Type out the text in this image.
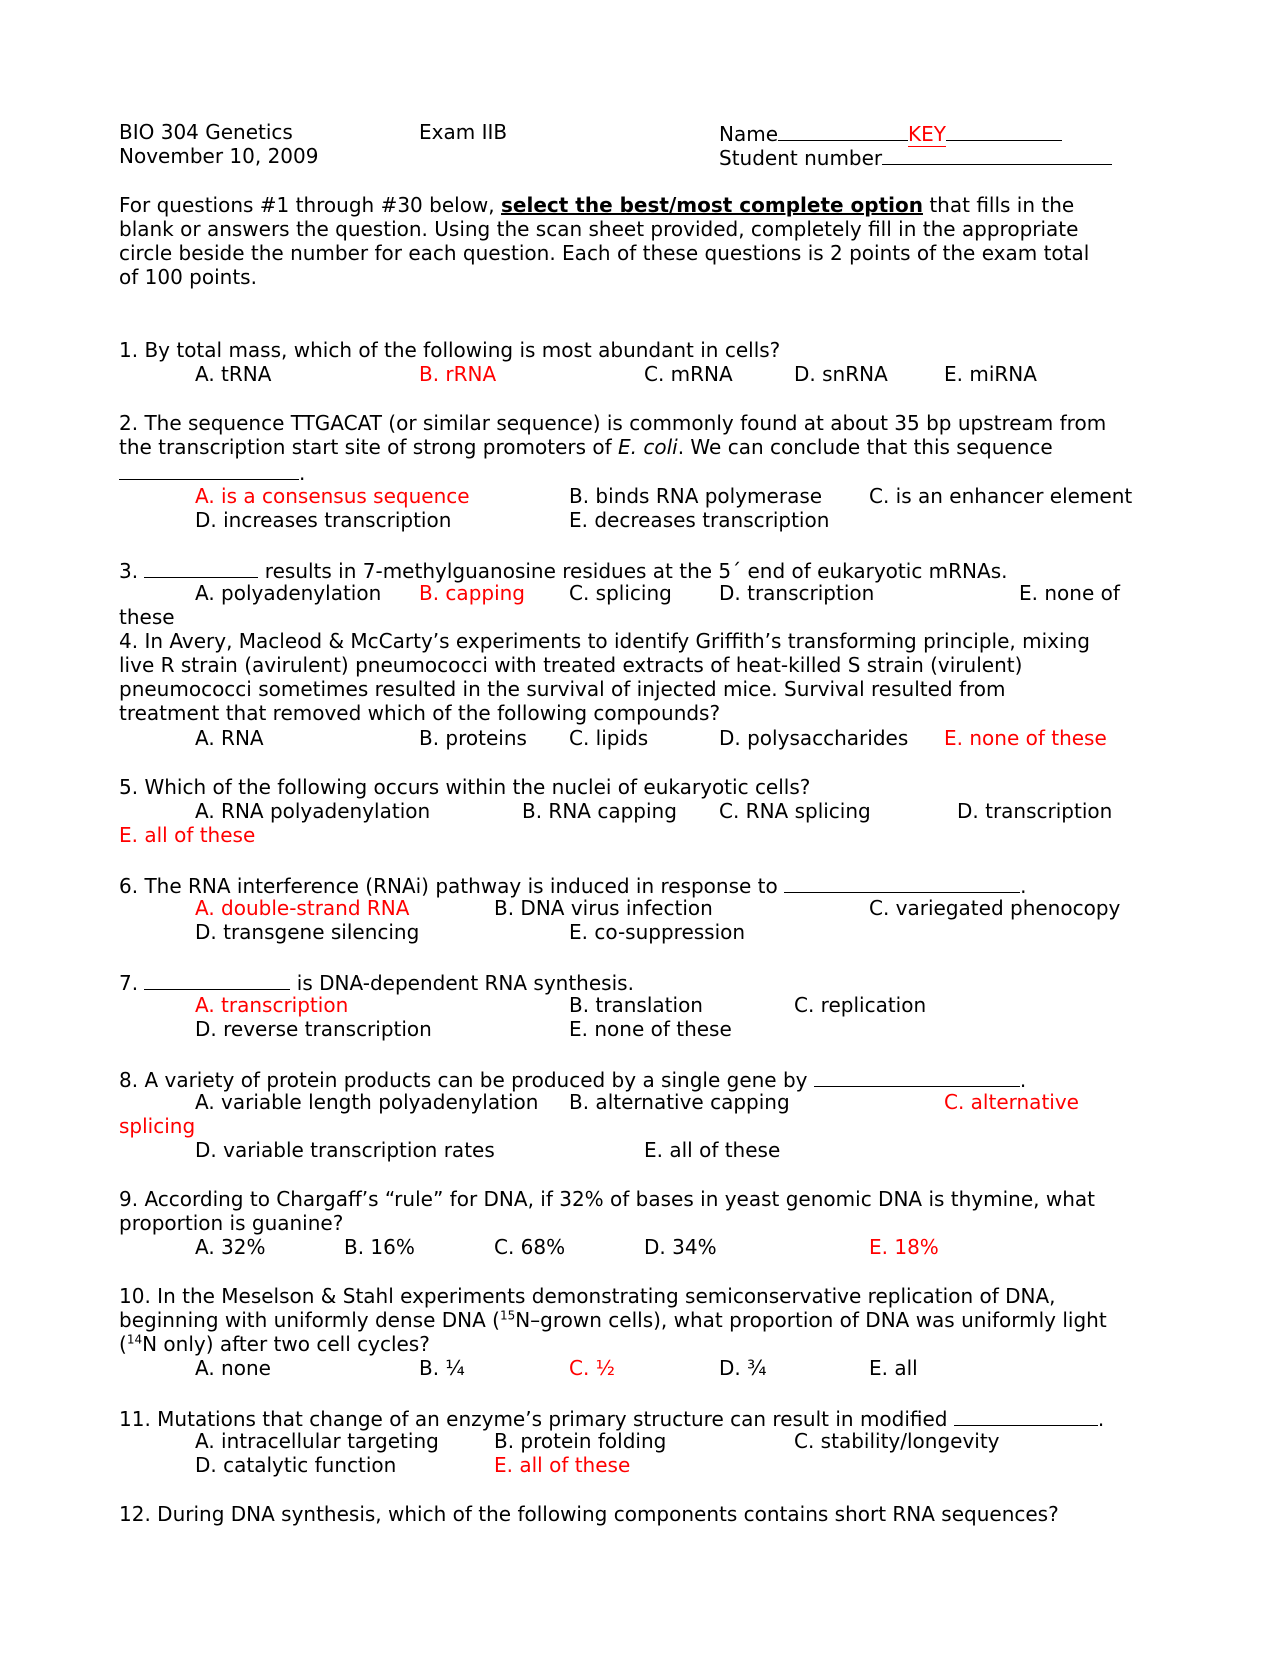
BIO 304 Genetics
November 10, 2009
Exam IIB	Name	KEY
Student number
For questions #1 through #30 below, select the best/most complete option that fills in the
blank or answers the question. Using the scan sheet provided, completely fill in the appropriate
circle beside the number for each question. Each of these questions is 2 points of the exam total
of 100 points.
1. By total mass, which of the following is most abundant in cells?
A. tRNA	B. rRNA	C. mRNA	D. snRNA	E. miRNA
2. The sequence TTGACAT (or similar sequence) is commonly found at about 35 bp upstream from
the transcription start site of strong promoters of E. coli. We can conclude that this sequence
.
A. is a consensus sequence	B. binds RNA polymerase C. is an enhancer element
D. increases transcription	E. decreases transcription
3.	results in 7-methylguanosine residues at the 5´ end of eukaryotic mRNAs.
A. polyadenylation B. capping C. splicing D. transcription	E. none of
these
4. In Avery, Macleod & McCarty’s experiments to identify Griffith’s transforming principle, mixing
live R strain (avirulent) pneumococci with treated extracts of heat-killed S strain (virulent)
pneumococci sometimes resulted in the survival of injected mice. Survival resulted from
treatment that removed which of the following compounds?
A. RNA	B. proteins C. lipids	D. polysaccharides E. none of these
5. Which of the following occurs within the nuclei of eukaryotic cells?
A. RNA polyadenylation	B. RNA capping C. RNA splicing	D. transcription
E. all of these
6. The RNA interference (RNAi) pathway is induced in response to	.
A. double-strand RNA	B. DNA virus infection	C. variegated phenocopy
D. transgene silencing	E. co-suppression
7.	is DNA-dependent RNA synthesis.
A. transcription	B. translation	C. replication
D. reverse transcription	E. none of these
8. A variety of protein products can be produced by a single gene by	.
A. variable length polyadenylation B. alternative capping	C. alternative
splicing
D. variable transcription rates	E. all of these
9. According to Chargaff’s “rule” for DNA, if 32% of bases in yeast genomic DNA is thymine, what
proportion is guanine?
A. 32%	B. 16%	C. 68%	D. 34%	E. 18%
10. In the Meselson & Stahl experiments demonstrating semiconservative replication of DNA,
beginning with uniformly dense DNA ($^{15}$N–grown cells), what proportion of DNA was uniformly light
($^{14}$N only) after two cell cycles?
A. none	B. ¼	C. ½	D. ¾	E. all
11. Mutations that change of an enzyme’s primary structure can result in modified	.
A. intracellular targeting	B. protein folding	C. stability/longevity
D. catalytic function	E. all of these
12. During DNA synthesis, which of the following components contains short RNA sequences?
